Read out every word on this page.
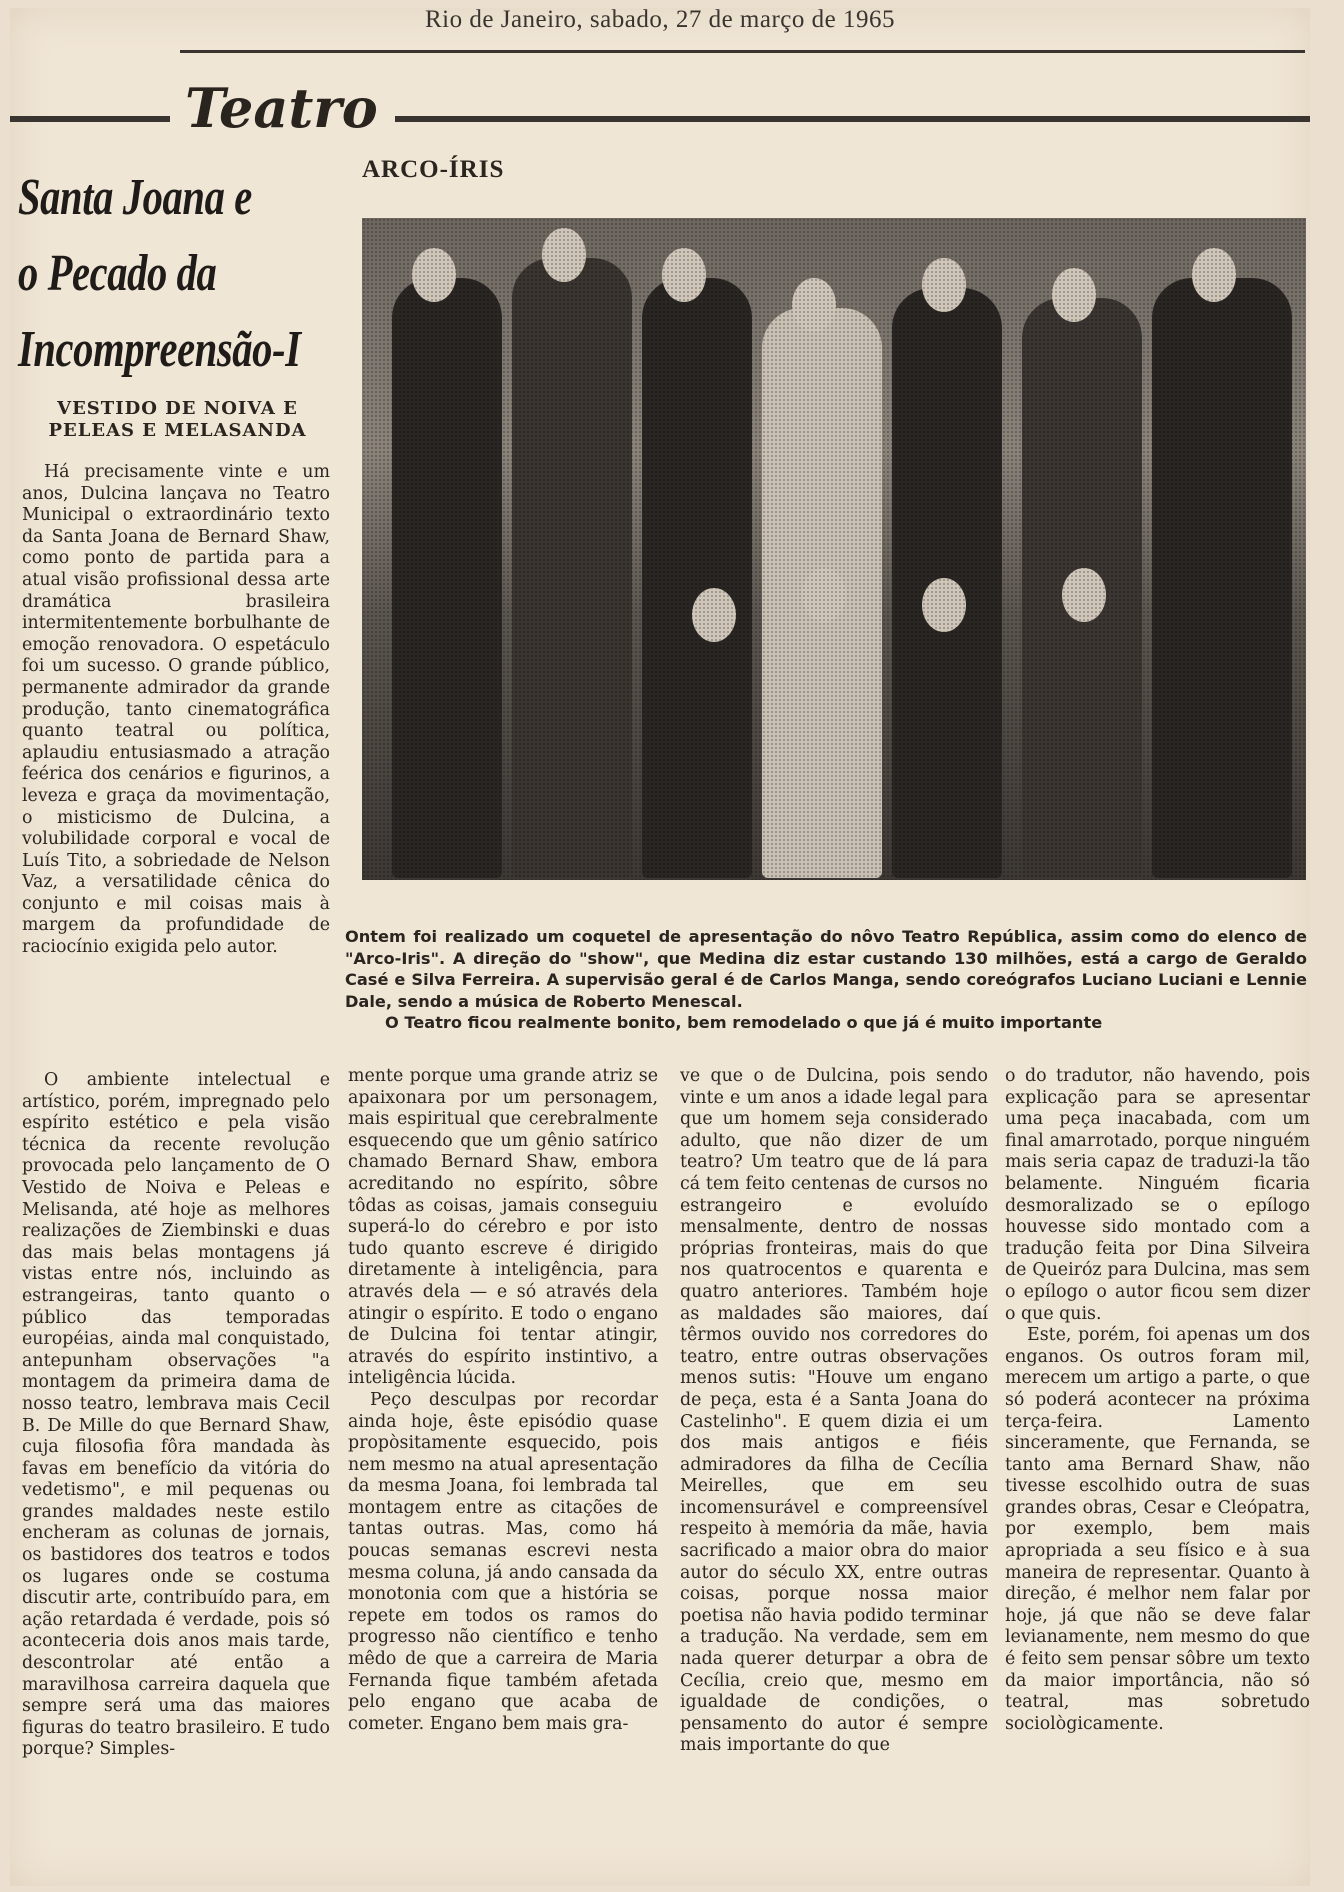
Rio de Janeiro, sabado, 27 de março de 1965
Teatro
Santa Joana e
o Pecado da
Incompreensão-I
VESTIDO DE NOIVA E
PELEAS E MELASANDA

Há precisamente vinte e um anos, Dulcina lançava no Teatro Municipal o extraordinário texto da Santa Joana de Bernard Shaw, como ponto de partida para a atual visão profissional dessa arte dramática brasileira intermitentemente borbulhante de emoção renovadora. O espetáculo foi um sucesso. O grande público, permanente admirador da grande produção, tanto cinematográfica quanto teatral ou política, aplaudiu entusiasmado a atração feérica dos cenários e figurinos, a leveza e graça da movimentação, o misticismo de Dulcina, a volubilidade corporal e vocal de Luís Tito, a sobriedade de Nelson Vaz, a versatilidade cênica do conjunto e mil coisas mais à margem da profundidade de raciocínio exigida pelo autor.

O ambiente intelectual e artístico, porém, impregnado pelo espírito estético e pela visão técnica da recente revolução provocada pelo lançamento de O Vestido de Noiva e Peleas e Melisanda, até hoje as melhores realizações de Ziembinski e duas das mais belas montagens já vistas entre nós, incluindo as estrangeiras, tanto quanto o público das temporadas européias, ainda mal conquistado, antepunham observações "a montagem da primeira dama de nosso teatro, lembrava mais Cecil B. De Mille do que Bernard Shaw, cuja filosofia fôra mandada às favas em benefício da vitória do vedetismo", e mil pequenas ou grandes maldades neste estilo encheram as colunas de jornais, os bastidores dos teatros e todos os lugares onde se costuma discutir arte, contribuído para, em ação retardada é verdade, pois só aconteceria dois anos mais tarde, descontrolar até então a maravilhosa carreira daquela que sempre será uma das maiores figuras do teatro brasileiro. E tudo porque? Simples-

ARCO-ÍRIS
Ontem foi realizado um coquetel de apresentação do nôvo Teatro República, assim como do elenco de "Arco-Iris". A direção do "show", que Medina diz estar custando 130 milhões, está a cargo de Geraldo Casé e Silva Ferreira. A supervisão geral é de Carlos Manga, sendo coreógrafos Luciano Luciani e Lennie Dale, sendo a música de Roberto Menescal.
O Teatro ficou realmente bonito, bem remodelado o que já é muito importante

mente porque uma grande atriz se apaixonara por um personagem, mais espiritual que cerebralmente esquecendo que um gênio satírico chamado Bernard Shaw, embora acreditando no espírito, sôbre tôdas as coisas, jamais conseguiu superá-lo do cérebro e por isto tudo quanto escreve é dirigido diretamente à inteligência, para através dela — e só através dela atingir o espírito. E todo o engano de Dulcina foi tentar atingir, através do espírito instintivo, a inteligência lúcida.

Peço desculpas por recordar ainda hoje, êste episódio quase propòsitamente esquecido, pois nem mesmo na atual apresentação da mesma Joana, foi lembrada tal montagem entre as citações de tantas outras. Mas, como há poucas semanas escrevi nesta mesma coluna, já ando cansada da monotonia com que a história se repete em todos os ramos do progresso não científico e tenho mêdo de que a carreira de Maria Fernanda fique também afetada pelo engano que acaba de cometer. Engano bem mais gra-

ve que o de Dulcina, pois sendo vinte e um anos a idade legal para que um homem seja considerado adulto, que não dizer de um teatro? Um teatro que de lá para cá tem feito centenas de cursos no estrangeiro e evoluído mensalmente, dentro de nossas próprias fronteiras, mais do que nos quatrocentos e quarenta e quatro anteriores. Também hoje as maldades são maiores, daí têrmos ouvido nos corredores do teatro, entre outras observações menos sutis: "Houve um engano de peça, esta é a Santa Joana do Castelinho". E quem dizia ei um dos mais antigos e fiéis admiradores da filha de Cecília Meirelles, que em seu incomensurável e compreensível respeito à memória da mãe, havia sacrificado a maior obra do maior autor do século XX, entre outras coisas, porque nossa maior poetisa não havia podido terminar a tradução. Na verdade, sem em nada querer deturpar a obra de Cecília, creio que, mesmo em igualdade de condições, o pensamento do autor é sempre mais importante do que

o do tradutor, não havendo, pois explicação para se apresentar uma peça inacabada, com um final amarrotado, porque ninguém mais seria capaz de traduzi-la tão belamente. Ninguém ficaria desmoralizado se o epílogo houvesse sido montado com a tradução feita por Dina Silveira de Queiróz para Dulcina, mas sem o epílogo o autor ficou sem dizer o que quis.

Este, porém, foi apenas um dos enganos. Os outros foram mil, merecem um artigo a parte, o que só poderá acontecer na próxima terça-feira. Lamento sinceramente, que Fernanda, se tanto ama Bernard Shaw, não tivesse escolhido outra de suas grandes obras, Cesar e Cleópatra, por exemplo, bem mais apropriada a seu físico e à sua maneira de representar. Quanto à direção, é melhor nem falar por hoje, já que não se deve falar levianamente, nem mesmo do que é feito sem pensar sôbre um texto da maior importância, não só teatral, mas sobretudo sociològicamente.
